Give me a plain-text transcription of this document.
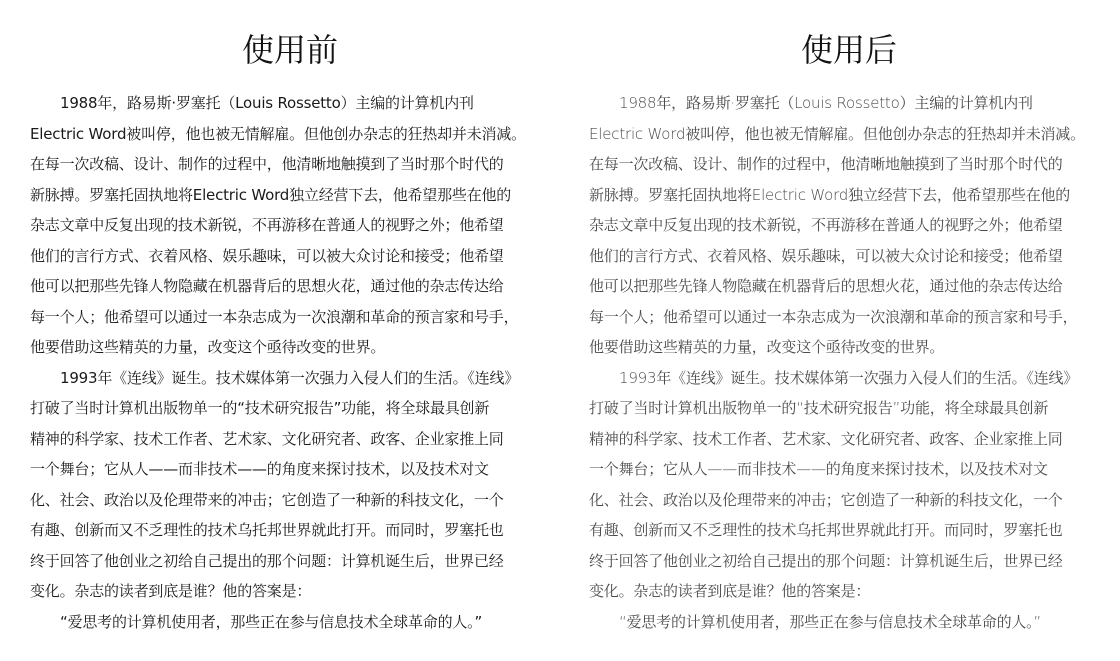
使用前
1988年，路易斯·罗塞托（Louis Rossetto）主编的计算机内刊
Electric Word被叫停，他也被无情解雇。但他创办杂志的狂热却并未消减。
在每一次改稿、设计、制作的过程中，他清晰地触摸到了当时那个时代的
新脉搏。罗塞托固执地将Electric Word独立经营下去，他希望那些在他的
杂志文章中反复出现的技术新锐，不再游移在普通人的视野之外；他希望
他们的言行方式、衣着风格、娱乐趣味，可以被大众讨论和接受；他希望
他可以把那些先锋人物隐藏在机器背后的思想火花，通过他的杂志传达给
每一个人；他希望可以通过一本杂志成为一次浪潮和革命的预言家和号手，
他要借助这些精英的力量，改变这个亟待改变的世界。
1993年《连线》诞生。技术媒体第一次强力入侵人们的生活。《连线》
打破了当时计算机出版物单一的“技术研究报告”功能，将全球最具创新
精神的科学家、技术工作者、艺术家、文化研究者、政客、企业家推上同
一个舞台；它从人——而非技术——的角度来探讨技术，以及技术对文
化、社会、政治以及伦理带来的冲击；它创造了一种新的科技文化，一个
有趣、创新而又不乏理性的技术乌托邦世界就此打开。而同时，罗塞托也
终于回答了他创业之初给自己提出的那个问题：计算机诞生后，世界已经
变化。杂志的读者到底是谁？他的答案是：
“爱思考的计算机使用者，那些正在参与信息技术全球革命的人。”
使用后
1988年，路易斯·罗塞托（Louis Rossetto）主编的计算机内刊
Electric Word被叫停，他也被无情解雇。但他创办杂志的狂热却并未消减。
在每一次改稿、设计、制作的过程中，他清晰地触摸到了当时那个时代的
新脉搏。罗塞托固执地将Electric Word独立经营下去，他希望那些在他的
杂志文章中反复出现的技术新锐，不再游移在普通人的视野之外；他希望
他们的言行方式、衣着风格、娱乐趣味，可以被大众讨论和接受；他希望
他可以把那些先锋人物隐藏在机器背后的思想火花，通过他的杂志传达给
每一个人；他希望可以通过一本杂志成为一次浪潮和革命的预言家和号手，
他要借助这些精英的力量，改变这个亟待改变的世界。
1993年《连线》诞生。技术媒体第一次强力入侵人们的生活。《连线》
打破了当时计算机出版物单一的“技术研究报告”功能，将全球最具创新
精神的科学家、技术工作者、艺术家、文化研究者、政客、企业家推上同
一个舞台；它从人——而非技术——的角度来探讨技术，以及技术对文
化、社会、政治以及伦理带来的冲击；它创造了一种新的科技文化，一个
有趣、创新而又不乏理性的技术乌托邦世界就此打开。而同时，罗塞托也
终于回答了他创业之初给自己提出的那个问题：计算机诞生后，世界已经
变化。杂志的读者到底是谁？他的答案是：
“爱思考的计算机使用者，那些正在参与信息技术全球革命的人。”
